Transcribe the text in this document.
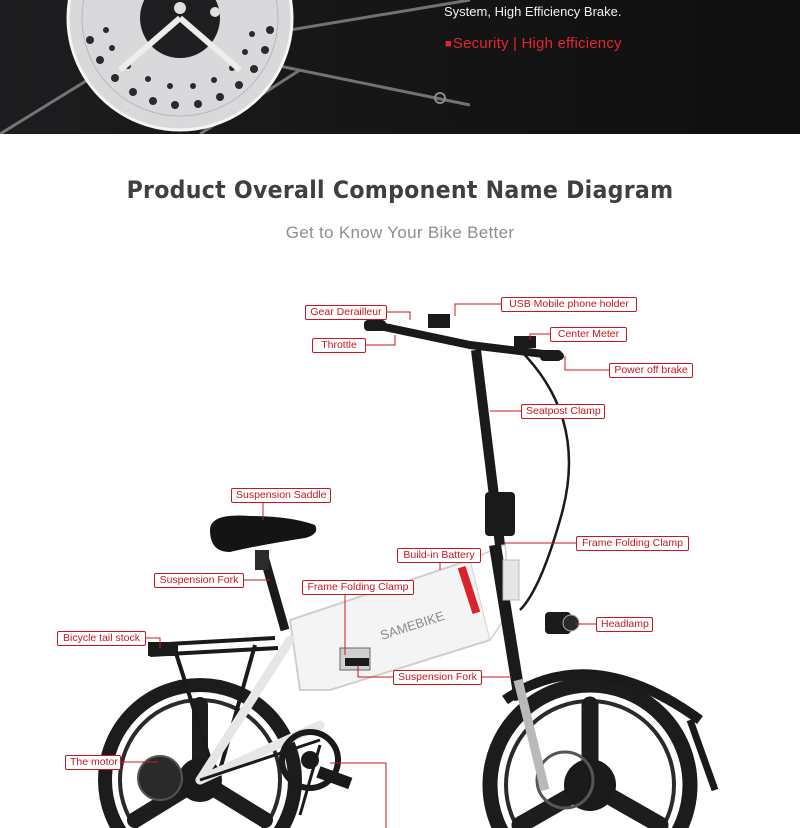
System, High Efficiency Brake.
■Security | High efficiency
Product Overall Component Name Diagram
Get to Know Your Bike Better
SAMEBIKE
Gear Derailleur
USB Mobile phone holder
Throttle
Center Meter
Power off brake
Seatpost Clamp
Suspension Saddle
Frame Folding Clamp
Build-in Battery
Suspension Fork
Frame Folding Clamp
Headlamp
Bicycle tail stock
Suspension Fork
The motor
